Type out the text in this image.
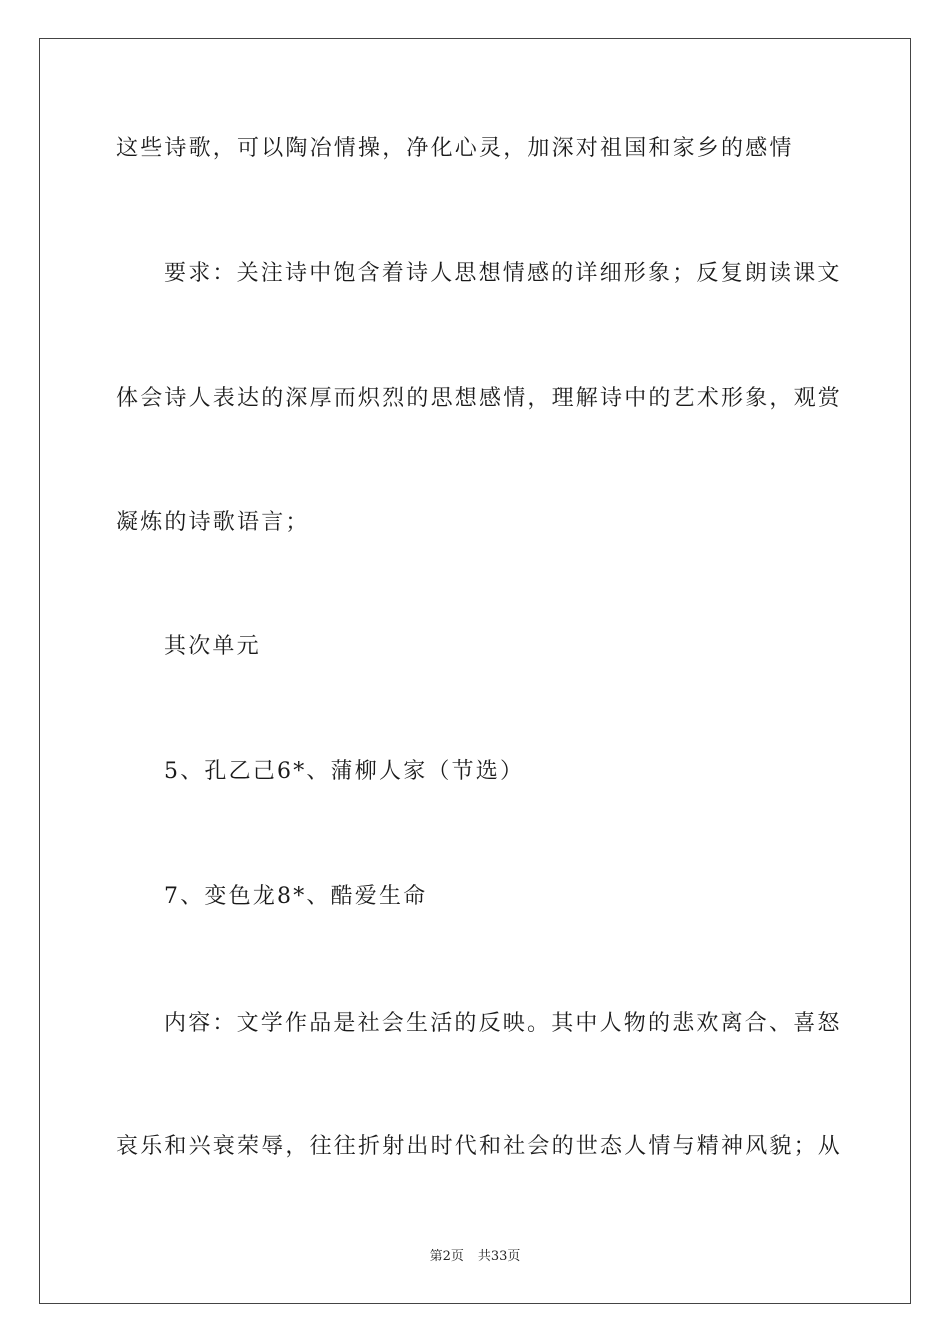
这些诗歌，可以陶冶情操，净化心灵，加深对祖国和家乡的感情
要求：关注诗中饱含着诗人思想情感的详细形象；反复朗读课文
体会诗人表达的深厚而炽烈的思想感情，理解诗中的艺术形象，观赏
凝炼的诗歌语言；
其次单元
5、孔乙己6*、蒲柳人家（节选）
7、变色龙8*、酷爱生命
内容：文学作品是社会生活的反映。其中人物的悲欢离合、喜怒
哀乐和兴衰荣辱，往往折射出时代和社会的世态人情与精神风貌；从
第2页 共33页
